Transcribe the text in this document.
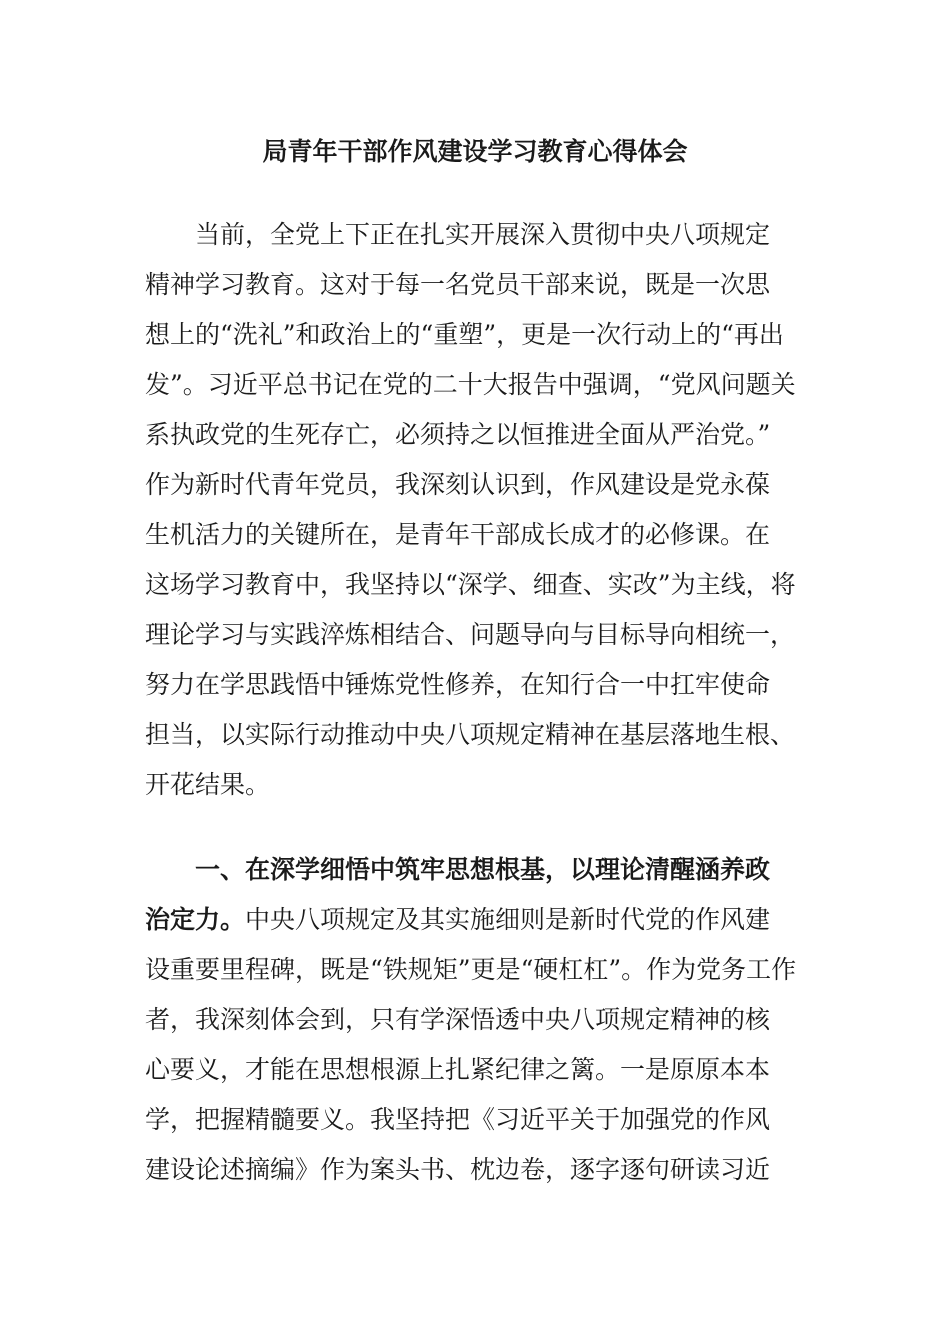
局青年干部作风建设学习教育心得体会
当前，全党上下正在扎实开展深入贯彻中央八项规定
精神学习教育。这对于每一名党员干部来说，既是一次思
想上的“洗礼”和政治上的“重塑”，更是一次行动上的“再出
发”。习近平总书记在党的二十大报告中强调，“党风问题关
系执政党的生死存亡，必须持之以恒推进全面从严治党。”
作为新时代青年党员，我深刻认识到，作风建设是党永葆
生机活力的关键所在，是青年干部成长成才的必修课。在
这场学习教育中，我坚持以“深学、细查、实改”为主线，将
理论学习与实践淬炼相结合、问题导向与目标导向相统一，
努力在学思践悟中锤炼党性修养，在知行合一中扛牢使命
担当，以实际行动推动中央八项规定精神在基层落地生根、
开花结果。
一、在深学细悟中筑牢思想根基，以理论清醒涵养政
治定力。中央八项规定及其实施细则是新时代党的作风建
设重要里程碑，既是“铁规矩”更是“硬杠杠”。作为党务工作
者，我深刻体会到，只有学深悟透中央八项规定精神的核
心要义，才能在思想根源上扎紧纪律之篱。一是原原本本
学，把握精髓要义。我坚持把《习近平关于加强党的作风
建设论述摘编》作为案头书、枕边卷，逐字逐句研读习近
